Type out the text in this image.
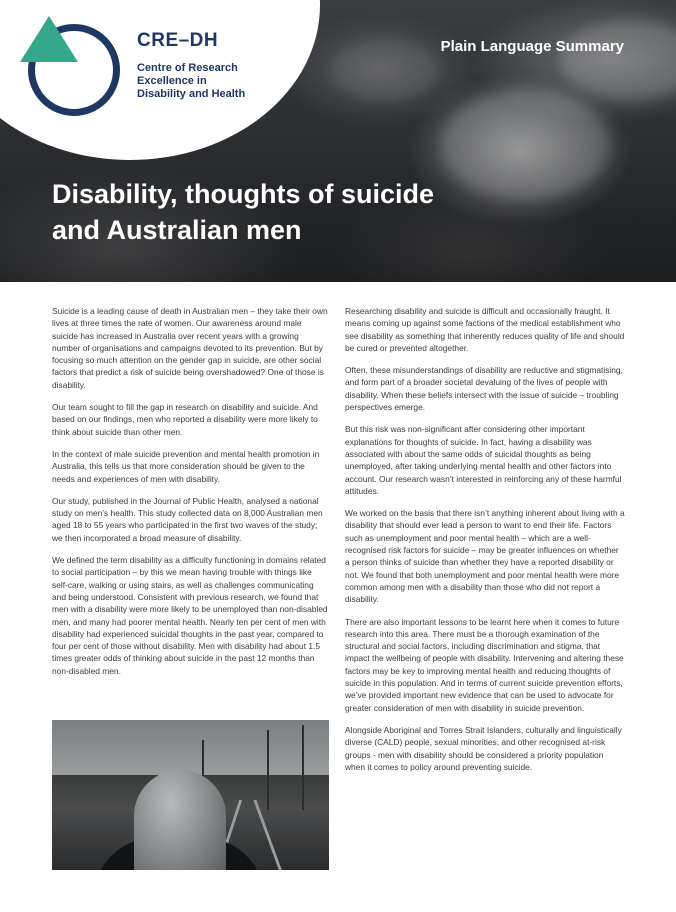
CRE–DH
Centre of Research
Excellence in
Disability and Health
Plain Language Summary
Disability, thoughts of suicide
and Australian men

Suicide is a leading cause of death in Australian men – they take their own lives at three times the rate of women. Our awareness around male suicide has increased in Australia over recent years with a growing number of organisations and campaigns devoted to its prevention. But by focusing so much attention on the gender gap in suicide, are other social factors that predict a risk of suicide being overshadowed? One of those is disability.

Our team sought to fill the gap in research on disability and suicide. And based on our findings, men who reported a disability were more likely to think about suicide than other men.

In the context of male suicide prevention and mental health promotion in Australia, this tells us that more consideration should be given to the needs and experiences of men with disability.

Our study, published in the Journal of Public Health, analysed a national study on men’s health. This study collected data on 8,000 Australian men aged 18 to 55 years who participated in the first two waves of the study; we then incorporated a broad measure of disability.

We defined the term disability as a difficulty functioning in domains related to social participation – by this we mean having trouble with things like self-care, walking or using stairs, as well as challenges communicating and being understood. Consistent with previous research, we found that men with a disability were more likely to be unemployed than non-disabled men, and many had poorer mental health. Nearly ten per cent of men with disability had experienced suicidal thoughts in the past year, compared to four per cent of those without disability. Men with disability had about 1.5 times greater odds of thinking about suicide in the past 12 months than non-disabled men.

Researching disability and suicide is difficult and occasionally fraught. It means coming up against some factions of the medical establishment who see disability as something that inherently reduces quality of life and should be cured or prevented altogether.

Often, these misunderstandings of disability are reductive and stigmatising, and form part of a broader societal devaluing of the lives of people with disability. When these beliefs intersect with the issue of suicide – troubling perspectives emerge.

But this risk was non-significant after considering other important explanations for thoughts of suicide. In fact, having a disability was associated with about the same odds of suicidal thoughts as being unemployed, after taking underlying mental health and other factors into account. Our research wasn’t interested in reinforcing any of these harmful attitudes.

We worked on the basis that there isn’t anything inherent about living with a disability that should ever lead a person to want to end their life. Factors such as unemployment and poor mental health – which are a well-recognised risk factors for suicide – may be greater influences on whether a person thinks of suicide than whether they have a reported disability or not. We found that both unemployment and poor mental health were more common among men with a disability than those who did not report a disability.

There are also important lessons to be learnt here when it comes to future research into this area. There must be a thorough examination of the structural and social factors, including discrimination and stigma, that impact the wellbeing of people with disability. Intervening and altering these factors may be key to improving mental health and reducing thoughts of suicide in this population. And in terms of current suicide prevention efforts, we’ve provided important new evidence that can be used to advocate for greater consideration of men with disability in suicide prevention.

Alongside Aboriginal and Torres Strait Islanders, culturally and linguistically diverse (CALD) people, sexual minorities, and other recognised at-risk groups - men with disability should be considered a priority population when it comes to policy around preventing suicide.
